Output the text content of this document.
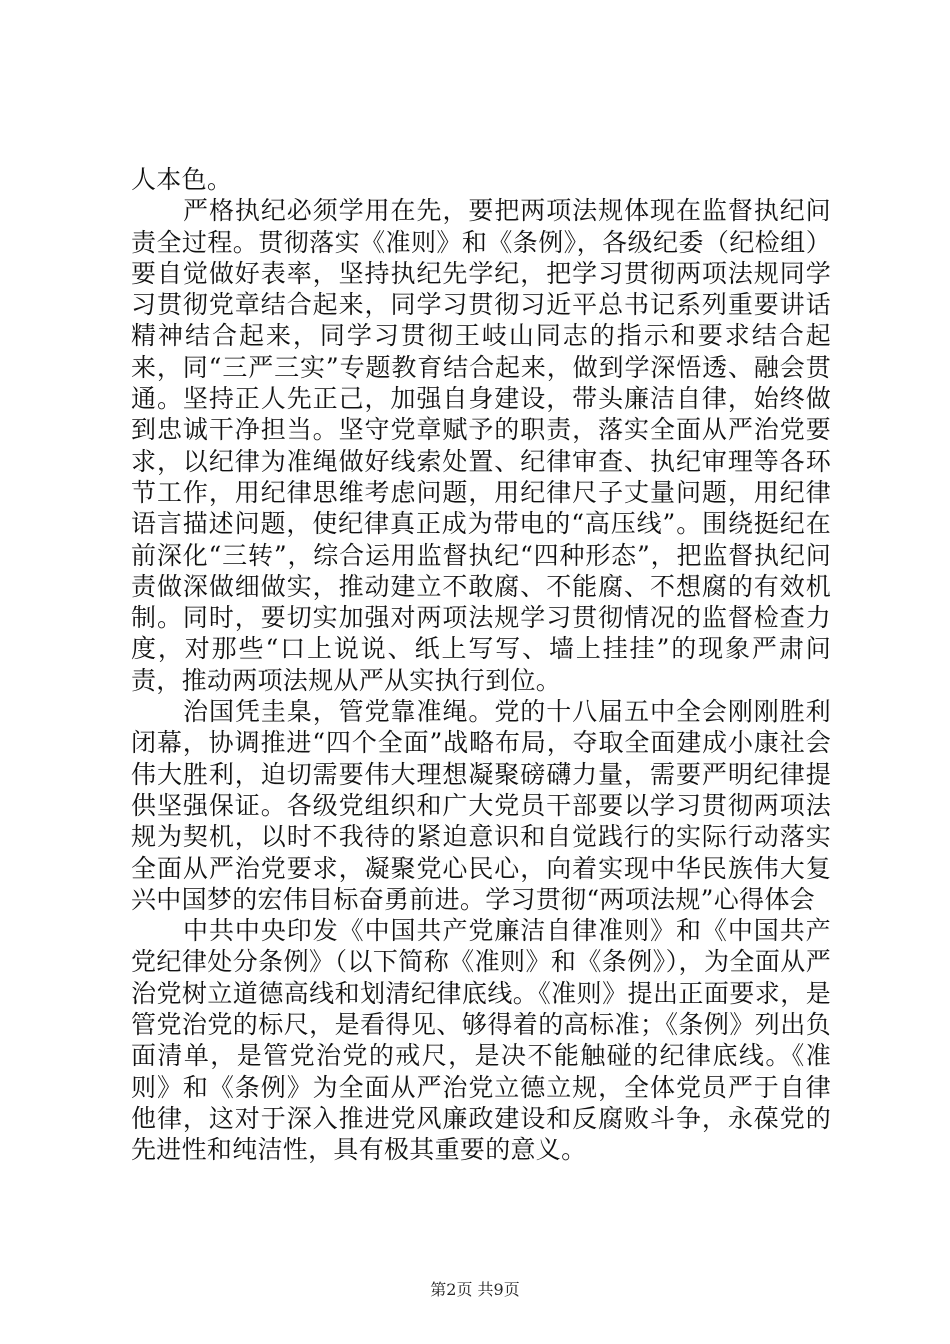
人本色。

严格执纪必须学用在先，要把两项法规体现在监督执纪问责全过程。贯彻落实《准则》和《条例》，各级纪委（纪检组）要自觉做好表率，坚持执纪先学纪，把学习贯彻两项法规同学习贯彻党章结合起来，同学习贯彻习近平总书记系列重要讲话精神结合起来，同学习贯彻王岐山同志的指示和要求结合起来，同“三严三实”专题教育结合起来，做到学深悟透、融会贯通。坚持正人先正己，加强自身建设，带头廉洁自律，始终做到忠诚干净担当。坚守党章赋予的职责，落实全面从严治党要求，以纪律为准绳做好线索处置、纪律审查、执纪审理等各环节工作，用纪律思维考虑问题，用纪律尺子丈量问题，用纪律语言描述问题，使纪律真正成为带电的“高压线”。围绕挺纪在前深化“三转”，综合运用监督执纪“四种形态”，把监督执纪问责做深做细做实，推动建立不敢腐、不能腐、不想腐的有效机制。同时，要切实加强对两项法规学习贯彻情况的监督检查力度，对那些“口上说说、纸上写写、墙上挂挂”的现象严肃问责，推动两项法规从严从实执行到位。

治国凭圭臬，管党靠准绳。党的十八届五中全会刚刚胜利闭幕，协调推进“四个全面”战略布局，夺取全面建成小康社会伟大胜利，迫切需要伟大理想凝聚磅礴力量，需要严明纪律提供坚强保证。各级党组织和广大党员干部要以学习贯彻两项法规为契机，以时不我待的紧迫意识和自觉践行的实际行动落实全面从严治党要求，凝聚党心民心，向着实现中华民族伟大复兴中国梦的宏伟目标奋勇前进。学习贯彻“两项法规”心得体会

中共中央印发《中国共产党廉洁自律准则》和《中国共产党纪律处分条例》（以下简称《准则》和《条例》），为全面从严治党树立道德高线和划清纪律底线。《准则》提出正面要求，是管党治党的标尺，是看得见、够得着的高标准；《条例》列出负面清单，是管党治党的戒尺，是决不能触碰的纪律底线。《准则》和《条例》为全面从严治党立德立规，全体党员严于自律他律，这对于深入推进党风廉政建设和反腐败斗争，永葆党的先进性和纯洁性，具有极其重要的意义。

第2页 共9页
